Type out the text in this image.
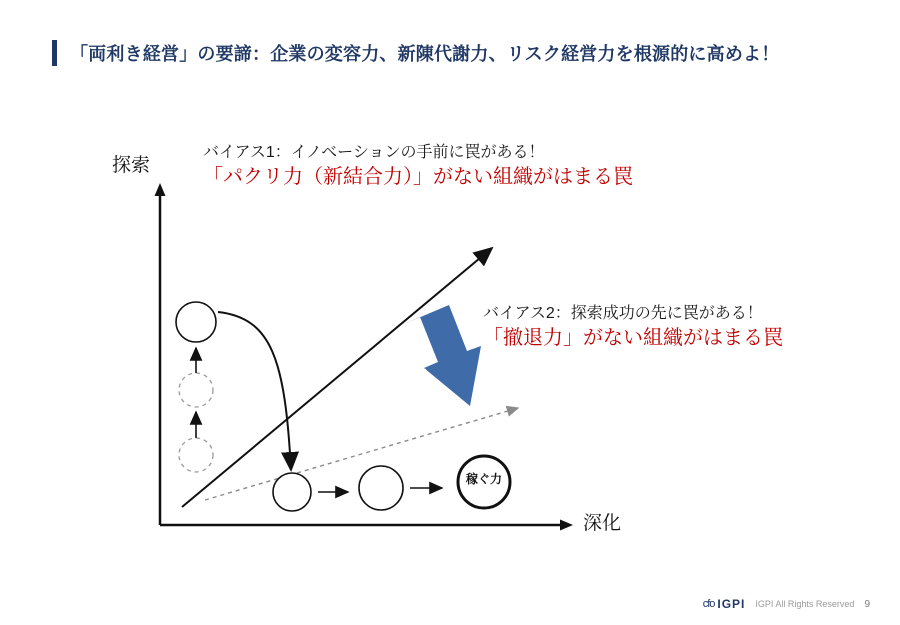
「両利き経営」の要諦：企業の変容力、新陳代謝力、リスク経営力を根源的に高めよ！
探索
深化
バイアス
稼ぐ力
バイアス1：イノベーションの手前に罠がある！
「パクリ力（新結合力）」がない組織がはまる罠
バイアス2：探索成功の先に罠がある！
「撤退力」がない組織がはまる罠
cfo IGPI IGPI All Rights Reserved 9
